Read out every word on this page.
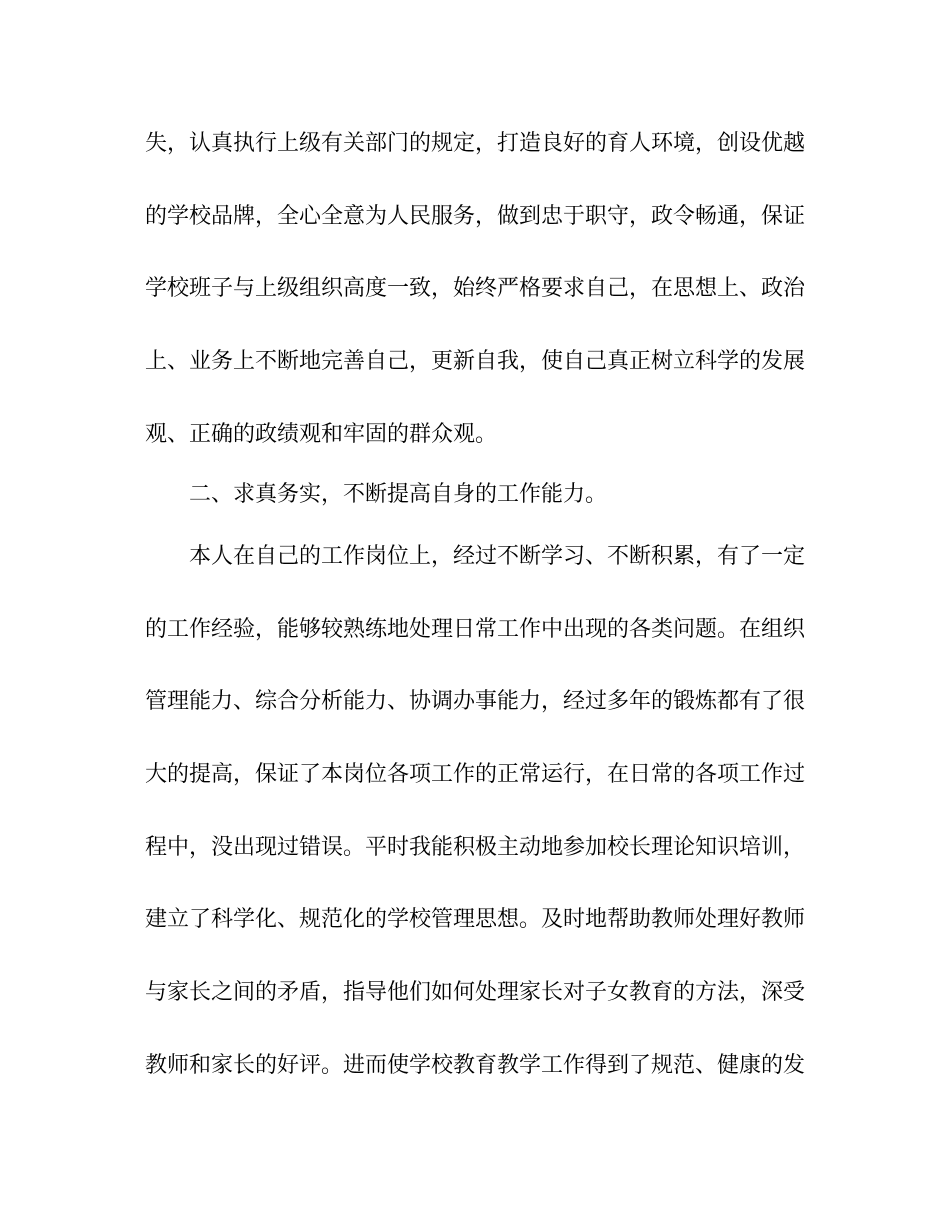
失，认真执行上级有关部门的规定，打造良好的育人环境，创设优越
的学校品牌，全心全意为人民服务，做到忠于职守，政令畅通，保证
学校班子与上级组织高度一致，始终严格要求自己，在思想上、政治
上、业务上不断地完善自己，更新自我，使自己真正树立科学的发展
观、正确的政绩观和牢固的群众观。
二、求真务实，不断提高自身的工作能力。
本人在自己的工作岗位上，经过不断学习、不断积累，有了一定
的工作经验，能够较熟练地处理日常工作中出现的各类问题。在组织
管理能力、综合分析能力、协调办事能力，经过多年的锻炼都有了很
大的提高，保证了本岗位各项工作的正常运行，在日常的各项工作过
程中，没出现过错误。平时我能积极主动地参加校长理论知识培训，
建立了科学化、规范化的学校管理思想。及时地帮助教师处理好教师
与家长之间的矛盾，指导他们如何处理家长对子女教育的方法，深受
教师和家长的好评。进而使学校教育教学工作得到了规范、健康的发
